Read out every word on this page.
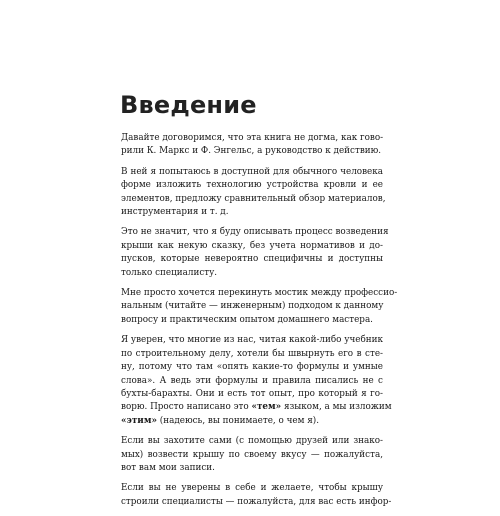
Введение

Давайте договоримся, что эта книга не догма, как гово-
рили К. Маркс и Ф. Энгельс, а руководство к действию.

В ней я попытаюсь в доступной для обычного человека
форме изложить технологию устройства кровли и ее
элементов, предложу сравнительный обзор материалов,
инструментария и т. д.

Это не значит, что я буду описывать процесс возведения
крыши как некую сказку, без учета нормативов и до-
пусков, которые невероятно специфичны и доступны
только специалисту.

Мне просто хочется перекинуть мостик между профессио-
нальным (читайте — инженерным) подходом к данному
вопросу и практическим опытом домашнего мастера.

Я уверен, что многие из нас, читая какой-либо учебник
по строительному делу, хотели бы швырнуть его в сте-
ну, потому что там «опять какие-то формулы и умные
слова». А ведь эти формулы и правила писались не с
бухты-барахты. Они и есть тот опыт, про который я го-
ворю. Просто написано это «тем» языком, а мы изложим
«этим» (надеюсь, вы понимаете, о чем я).

Если вы захотите сами (с помощью друзей или знако-
мых) возвести крышу по своему вкусу — пожалуйста,
вот вам мои записи.

Если вы не уверены в себе и желаете, чтобы крышу
строили специалисты — пожалуйста, для вас есть инфор-
